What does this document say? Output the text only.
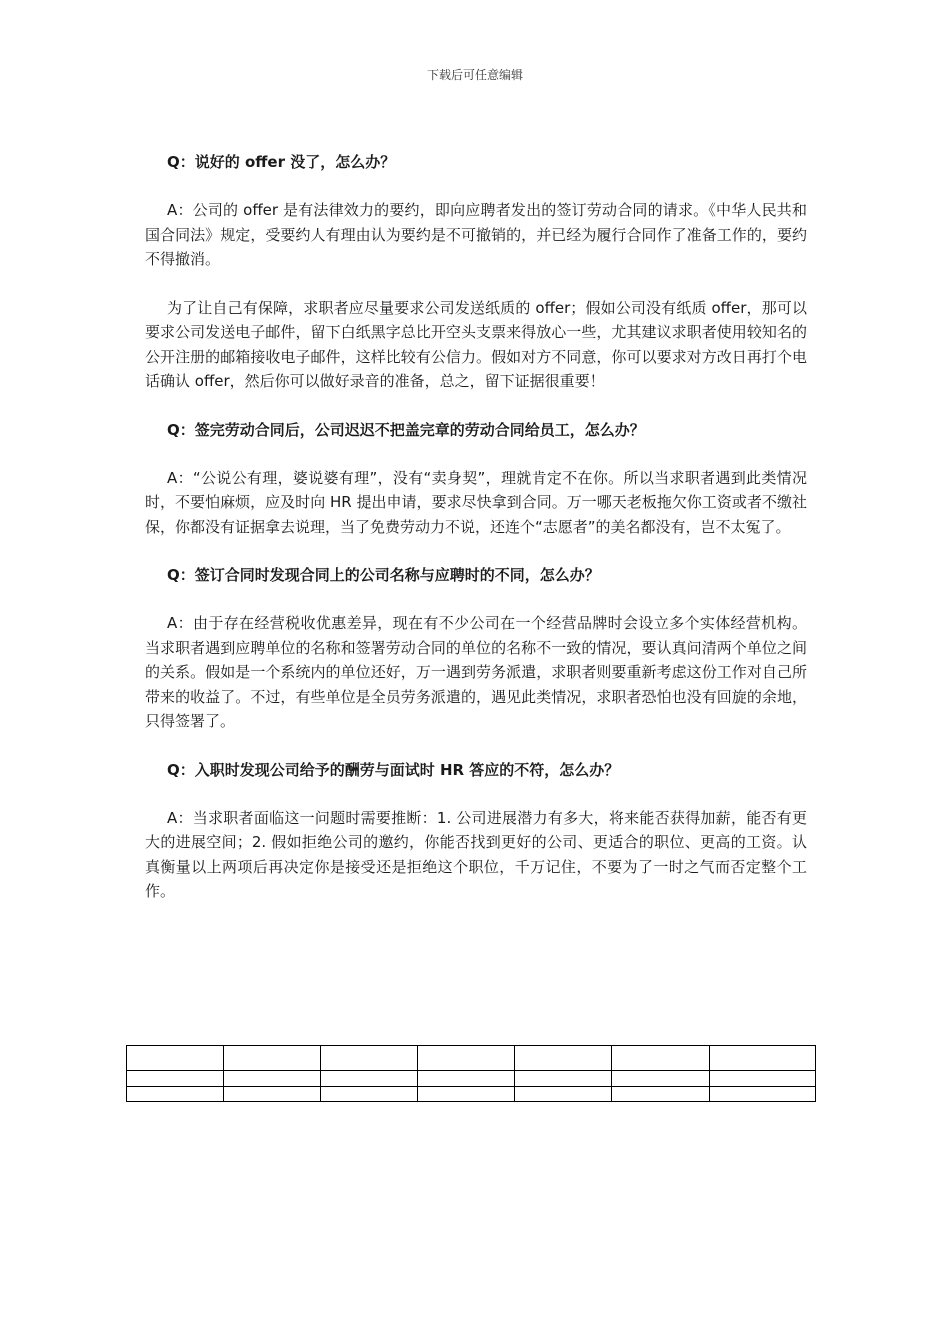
下载后可任意编辑

Q：说好的 offer 没了，怎么办？

A：公司的 offer 是有法律效力的要约，即向应聘者发出的签订劳动合同的请求。《中华人民共和国合同法》规定，受要约人有理由认为要约是不可撤销的，并已经为履行合同作了准备工作的，要约不得撤消。

为了让自己有保障，求职者应尽量要求公司发送纸质的 offer；假如公司没有纸质 offer，那可以要求公司发送电子邮件，留下白纸黑字总比开空头支票来得放心一些，尤其建议求职者使用较知名的公开注册的邮箱接收电子邮件，这样比较有公信力。假如对方不同意，你可以要求对方改日再打个电话确认 offer，然后你可以做好录音的准备，总之，留下证据很重要！

Q：签完劳动合同后，公司迟迟不把盖完章的劳动合同给员工，怎么办？

A：“公说公有理，婆说婆有理”，没有“卖身契”，理就肯定不在你。所以当求职者遇到此类情况时，不要怕麻烦，应及时向 HR 提出申请，要求尽快拿到合同。万一哪天老板拖欠你工资或者不缴社保，你都没有证据拿去说理，当了免费劳动力不说，还连个“志愿者”的美名都没有，岂不太冤了。

Q：签订合同时发现合同上的公司名称与应聘时的不同，怎么办？

A：由于存在经营税收优惠差异，现在有不少公司在一个经营品牌时会设立多个实体经营机构。当求职者遇到应聘单位的名称和签署劳动合同的单位的名称不一致的情况，要认真问清两个单位之间的关系。假如是一个系统内的单位还好，万一遇到劳务派遣，求职者则要重新考虑这份工作对自己所带来的收益了。不过，有些单位是全员劳务派遣的，遇见此类情况，求职者恐怕也没有回旋的余地，只得签署了。

Q：入职时发现公司给予的酬劳与面试时 HR 答应的不符，怎么办？

A：当求职者面临这一问题时需要推断：1. 公司进展潜力有多大，将来能否获得加薪，能否有更大的进展空间；2. 假如拒绝公司的邀约，你能否找到更好的公司、更适合的职位、更高的工资。认真衡量以上两项后再决定你是接受还是拒绝这个职位，千万记住，不要为了一时之气而否定整个工作。
